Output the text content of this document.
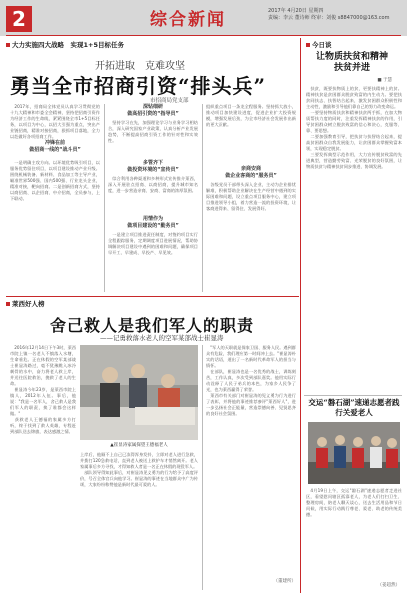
2	综合新闻	2017年 4月20日 星期四
责编：李云 董诗师 终审：刘俊 s8847000@163.com
大力实施四大战略　实现1+5目标任务
开拓进取　克难攻坚
勇当全市招商引资“排头兵”
市招商局党支部
　2017年，招商局全体党员认真学习贯彻党的十九大精神和市委全会精神，坚持把招商引资作为经济工作的生命线，紧紧围绕全市1+5目标任务，以项目为中心，以招大引强为重点，突出产业链招商，精准对接招商，狠抓项目落地，全力以赴做好各项招商工作。
冲锋在前
做招商一线的“战斗员”
　一是明确主攻方向。以环境优势吸引项目，以服务优势留住项目，以项目建设推动产业升级。围绕机械装备、新材料、食品加工等主导产业，瞄准世界500强、国内500强、行业龙头企业，精准对接，靶向招商。二是创新招商方式，坚持以商招商、以企招商、中介招商，全员参与，上下联动。
深钻细研
做高招引资的“指导员”
　坚持学习在先，加强理论学习与业务学习相结合，深入研究国家产业政策，认真分析产业发展趋势，不断提高招商引资工作的针对性和实效性。
多管齐下
做投资环境的“宣传员”
　综合利用各种渠道和多种形式宣传推介莱西，深入开展驻点招商、以商招商，提升城市知名度，进一步营造亲商、安商、富商的浓厚氛围。
用情作为
做项目建设的“勤务员”
　一是建立项目推进责任制度，对签约项目实行全程跟踪服务，定期调度项目进展情况，帮助协调解决项目建设中遇到的困难和问题，确保项目早开工、早建成、早投产、早见效。
组织重点项目一条龙全程服务。坚持抓大放小，推动项目加快建设进度，促进企业扩大投资规模，增强发展后劲，为全市经济社会发展作出新的更大贡献。
亲商安商
做企业客商的“服务员”
　各级党员干部带头深入企业，主动为企业排忧解难，积极帮助企业解决在生产经营中遇到的实际困难和问题，设立重点项目服务中心，建立项目推进领导小组，着力营造一流的投资环境，让客商进得来、留得住、发展得好。
今日谈
让物质扶贫和精神扶贫并进
■ 于慧
　扶贫，既要扶物质上的贫，更要扶精神上的贫。精神扶贫是贫困群众脱贫致富的内生动力。要把扶贫同扶志、扶智结合起来，激发贫困群众积极性和主动性，激励和引导他们靠自己的努力改变命运。
　一要坚持物质扶贫和精神扶贫两手抓，在加大物质帮扶力度的同时，注重发挥精神扶贫的作用，引导贫困群众树立脱贫致富的信心和决心，克服等、靠、要思想。
　二要加强教育引导，把扶贫与扶智结合起来，提高贫困群众自我发展能力，让贫困群众掌握致富本领，实现稳定脱贫。
　三要发挥典型示范作用，大力宣传脱贫致富的先进典型，营造勤劳致富、光荣脱贫的良好氛围，让物质扶贫与精神扶贫同步推进、协调发展。
交运“磐石湖”速递志愿者践行关爱老人
　4月19日上午，交运"磐石湖"速递志愿者走进社区，看望慰问辖区孤寡老人，为老人们打扫卫生、整理房间，陪老人聊天谈心，送去生活用品和节日问候，用实际行动践行尊老、爱老、助老的传统美德。
（姜超然）
莱西好人榜
舍己救人是我们军人的职责
——记勇救落水老人的空军某部战士崔显涛
　2016年12月14日下午3时，莱西市院上镇一名老人不慎落入水塘，生命垂危。正在休假的空军某部战士崔显涛路过，毫不犹豫跳入冰冷刺骨的水中，奋力将老人救上岸，并送往医院救治，挽救了老人的生命。
　崔显涛今年23岁，是莱西市院上镇人，2012年入伍。事后，他说："我是一名军人，舍己救人是我们军人的职责，换了谁都会这样做。"
　获救老人王德福的家属多方打听，终于找到了救人英雄，专程赶到部队送去锦旗，表达感激之情。
▲崔显涛家属探望王德福老人
上岸后，他顾不上自己已冻得浑身发抖，立即对老人进行急救，并拨打120急救电话，直到老人被送上救护车才悄然离开。老人家属事后多方寻找，才得知救人者是一名正在休假的现役军人。
　部队领导得知此事后，对崔显涛见义勇为的行为给予了高度评价，号召全体官兵向他学习。崔显涛的事迹在当地群众中广为传颂，大家纷纷称赞他是新时代最可爱的人。
　"军人的天职就是保家卫国、服务人民。遇到群众有危险，我们理应第一时间冲上去。"崔显涛朴实的话语，道出了一名新时代革命军人的担当与情怀。
　在部队，崔显涛也是一名优秀的战士，训练刻苦，工作认真，多次受到部队嘉奖。他用实际行动诠释了人民子弟兵的本色，为家乡人民争了光，也为莱西赢得了荣誉。
　莱西市有关部门对崔显涛的见义勇为行为进行了表彰，并将他的事迹推荐参评"莱西好人"，进一步弘扬社会正能量，营造崇德向善、见贤思齐的良好社会氛围。
（董建所）
